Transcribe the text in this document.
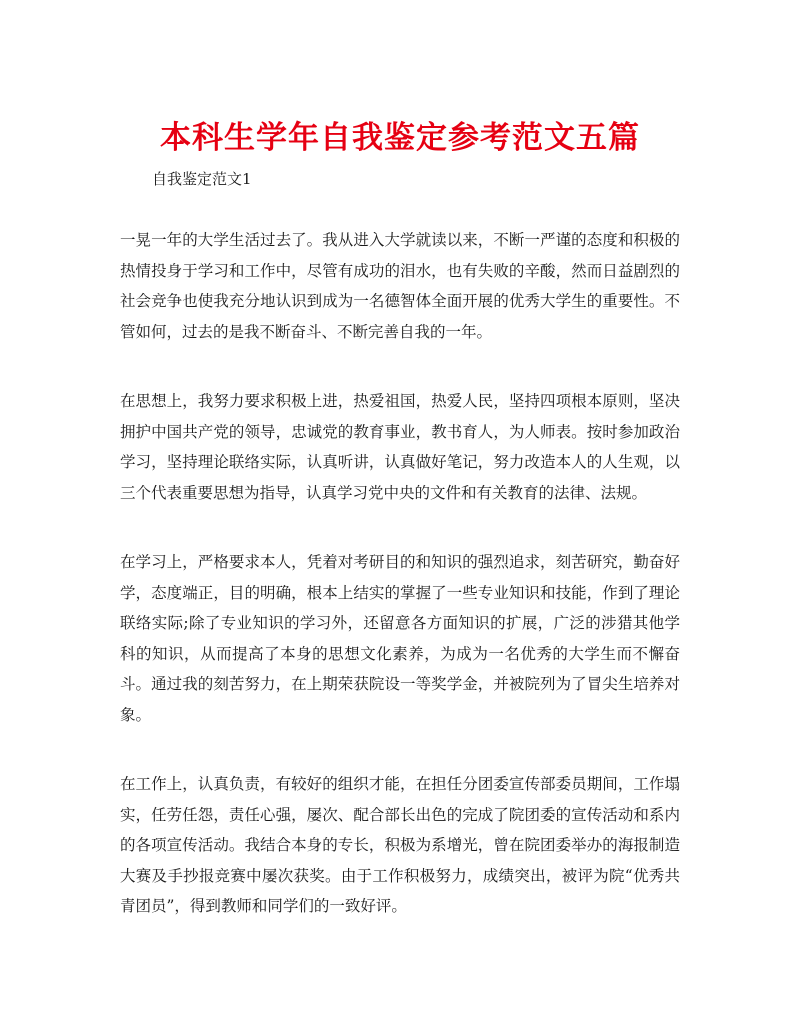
本科生学年自我鉴定参考范文五篇

自我鉴定范文1

一晃一年的大学生活过去了。我从进入大学就读以来，不断一严谨的态度和积极的热情投身于学习和工作中，尽管有成功的泪水，也有失败的辛酸，然而日益剧烈的社会竞争也使我充分地认识到成为一名德智体全面开展的优秀大学生的重要性。不管如何，过去的是我不断奋斗、不断完善自我的一年。

在思想上，我努力要求积极上进，热爱祖国，热爱人民，坚持四项根本原则，坚决拥护中国共产党的领导，忠诚党的教育事业，教书育人，为人师表。按时参加政治学习，坚持理论联络实际，认真听讲，认真做好笔记，努力改造本人的人生观，以三个代表重要思想为指导，认真学习党中央的文件和有关教育的法律、法规。

在学习上，严格要求本人，凭着对考研目的和知识的强烈追求，刻苦研究，勤奋好学，态度端正，目的明确，根本上结实的掌握了一些专业知识和技能，作到了理论联络实际;除了专业知识的学习外，还留意各方面知识的扩展，广泛的涉猎其他学科的知识，从而提高了本身的思想文化素养，为成为一名优秀的大学生而不懈奋斗。通过我的刻苦努力，在上期荣获院设一等奖学金，并被院列为了冒尖生培养对象。

在工作上，认真负责，有较好的组织才能，在担任分团委宣传部委员期间，工作塌实，任劳任怨，责任心强，屡次、配合部长出色的完成了院团委的宣传活动和系内的各项宣传活动。我结合本身的专长，积极为系增光，曾在院团委举办的海报制造大赛及手抄报竞赛中屡次获奖。由于工作积极努力，成绩突出，被评为院“优秀共青团员”，得到教师和同学们的一致好评。
